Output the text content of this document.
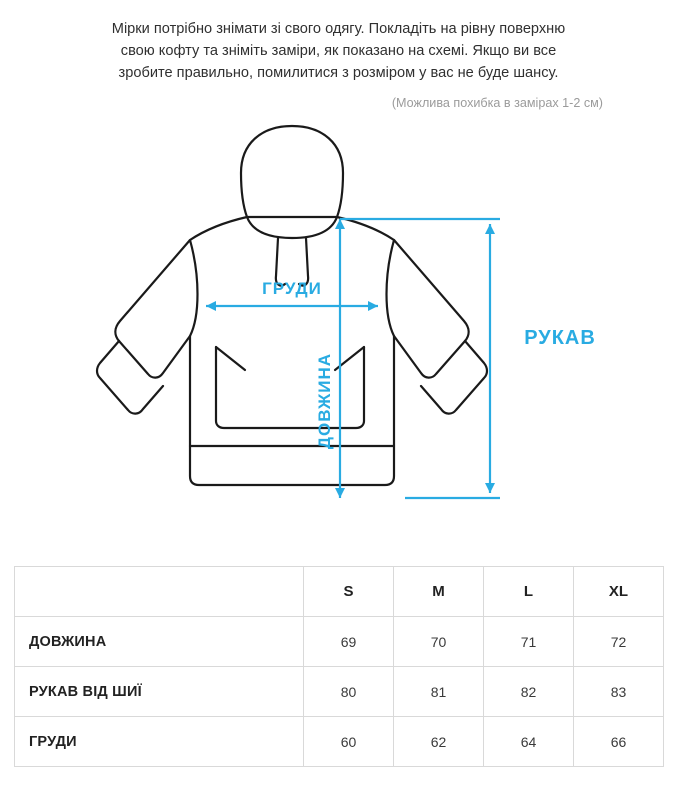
Мірки потрібно знімати зі свого одягу. Покладіть на рівну поверхню
свою кофту та зніміть заміри, як показано на схемі. Якщо ви все
зробите правильно, помилитися з розміром у вас не буде шансу.
(Можлива похибка в замірах 1-2 см)
ГРУДИ
ДОВЖИНА
РУКАВ
	S	M	L	XL
ДОВЖИНА	69	70	71	72
РУКАВ ВІД ШИЇ	80	81	82	83
ГРУДИ	60	62	64	66
